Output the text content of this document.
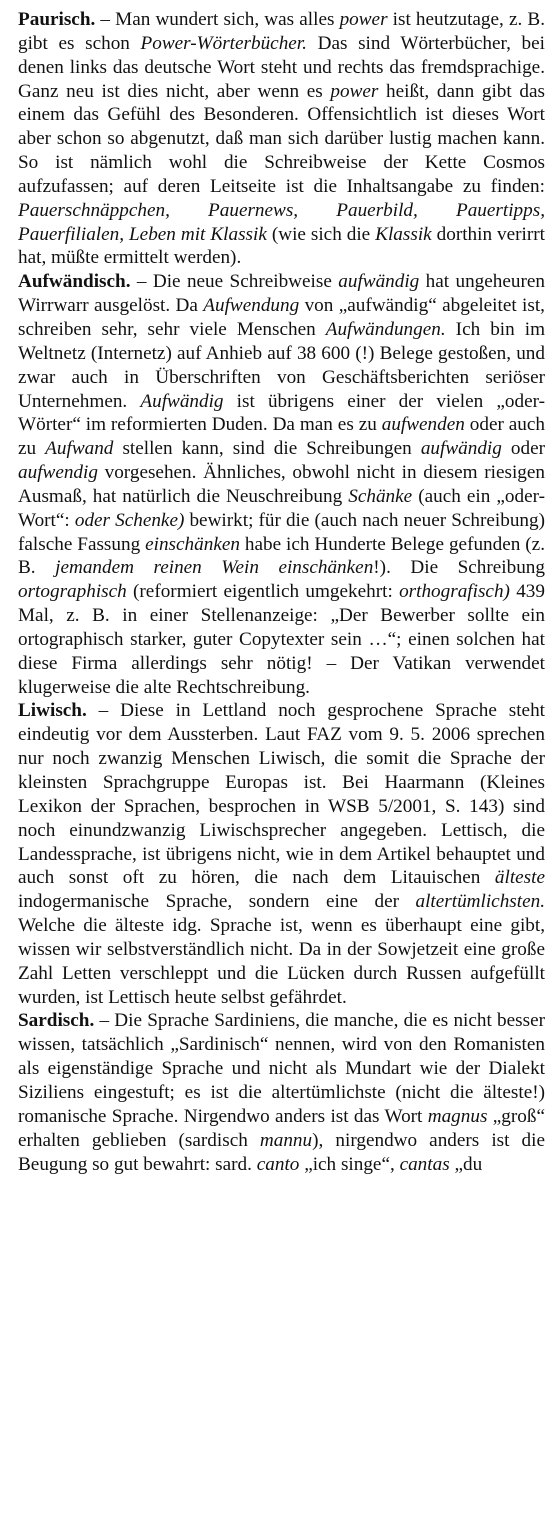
Paurisch. – Man wundert sich, was alles power ist heutzutage, z. B. gibt es schon Power-Wörterbücher. Das sind Wörterbücher, bei denen links das deutsche Wort steht und rechts das fremdsprachige. Ganz neu ist dies nicht, aber wenn es power heißt, dann gibt das einem das Gefühl des Besonderen. Offensichtlich ist dieses Wort aber schon so abgenutzt, daß man sich darüber lustig machen kann. So ist nämlich wohl die Schreibweise der Kette Cosmos aufzufassen; auf deren Leitseite ist die Inhaltsangabe zu finden: Pauerschnäppchen, Pauernews, Pauerbild, Pauertipps, Pauerfilialen, Leben mit Klassik (wie sich die Klassik dorthin verirrt hat, müßte ermittelt werden).

Aufwändisch. – Die neue Schreibweise aufwändig hat ungeheuren Wirrwarr ausgelöst. Da Aufwendung von „aufwändig“ abgeleitet ist, schreiben sehr, sehr viele Menschen Aufwändungen. Ich bin im Weltnetz (Internetz) auf Anhieb auf 38 600 (!) Belege gestoßen, und zwar auch in Überschriften von Geschäftsberichten seriöser Unternehmen. Aufwändig ist übrigens einer der vielen „oder-Wörter“ im reformierten Duden. Da man es zu aufwenden oder auch zu Aufwand stellen kann, sind die Schreibungen aufwändig oder aufwendig vorgesehen. Ähnliches, obwohl nicht in diesem riesigen Ausmaß, hat natürlich die Neuschreibung Schänke (auch ein „oder-Wort“: oder Schenke) bewirkt; für die (auch nach neuer Schreibung) falsche Fassung einschänken habe ich Hunderte Belege gefunden (z. B. jemandem reinen Wein einschänken!). Die Schreibung ortographisch (reformiert eigentlich umgekehrt: orthografisch) 439 Mal, z. B. in einer Stellenanzeige: „Der Bewerber sollte ein ortographisch starker, guter Copytexter sein …“; einen solchen hat diese Firma allerdings sehr nötig! – Der Vatikan verwendet klugerweise die alte Rechtschreibung.

Liwisch. – Diese in Lettland noch gesprochene Sprache steht eindeutig vor dem Aussterben. Laut FAZ vom 9. 5. 2006 sprechen nur noch zwanzig Menschen Liwisch, die somit die Sprache der kleinsten Sprachgruppe Europas ist. Bei Haarmann (Kleines Lexikon der Sprachen, besprochen in WSB 5/2001, S. 143) sind noch einundzwanzig Liwischsprecher angegeben. Lettisch, die Landessprache, ist übrigens nicht, wie in dem Artikel behauptet und auch sonst oft zu hören, die nach dem Litauischen älteste indogermanische Sprache, sondern eine der altertümlichsten. Welche die älteste idg. Sprache ist, wenn es überhaupt eine gibt, wissen wir selbstverständlich nicht. Da in der Sowjetzeit eine große Zahl Letten verschleppt und die Lücken durch Russen aufgefüllt wurden, ist Lettisch heute selbst gefährdet.

Sardisch. – Die Sprache Sardiniens, die manche, die es nicht besser wissen, tatsächlich „Sardinisch“ nennen, wird von den Romanisten als eigenständige Sprache und nicht als Mundart wie der Dialekt Siziliens eingestuft; es ist die altertümlichste (nicht die älteste!) romanische Sprache. Nirgendwo anders ist das Wort magnus „groß“ erhalten geblieben (sardisch mannu), nirgendwo anders ist die Beugung so gut bewahrt: sard. canto „ich singe“, cantas „du
